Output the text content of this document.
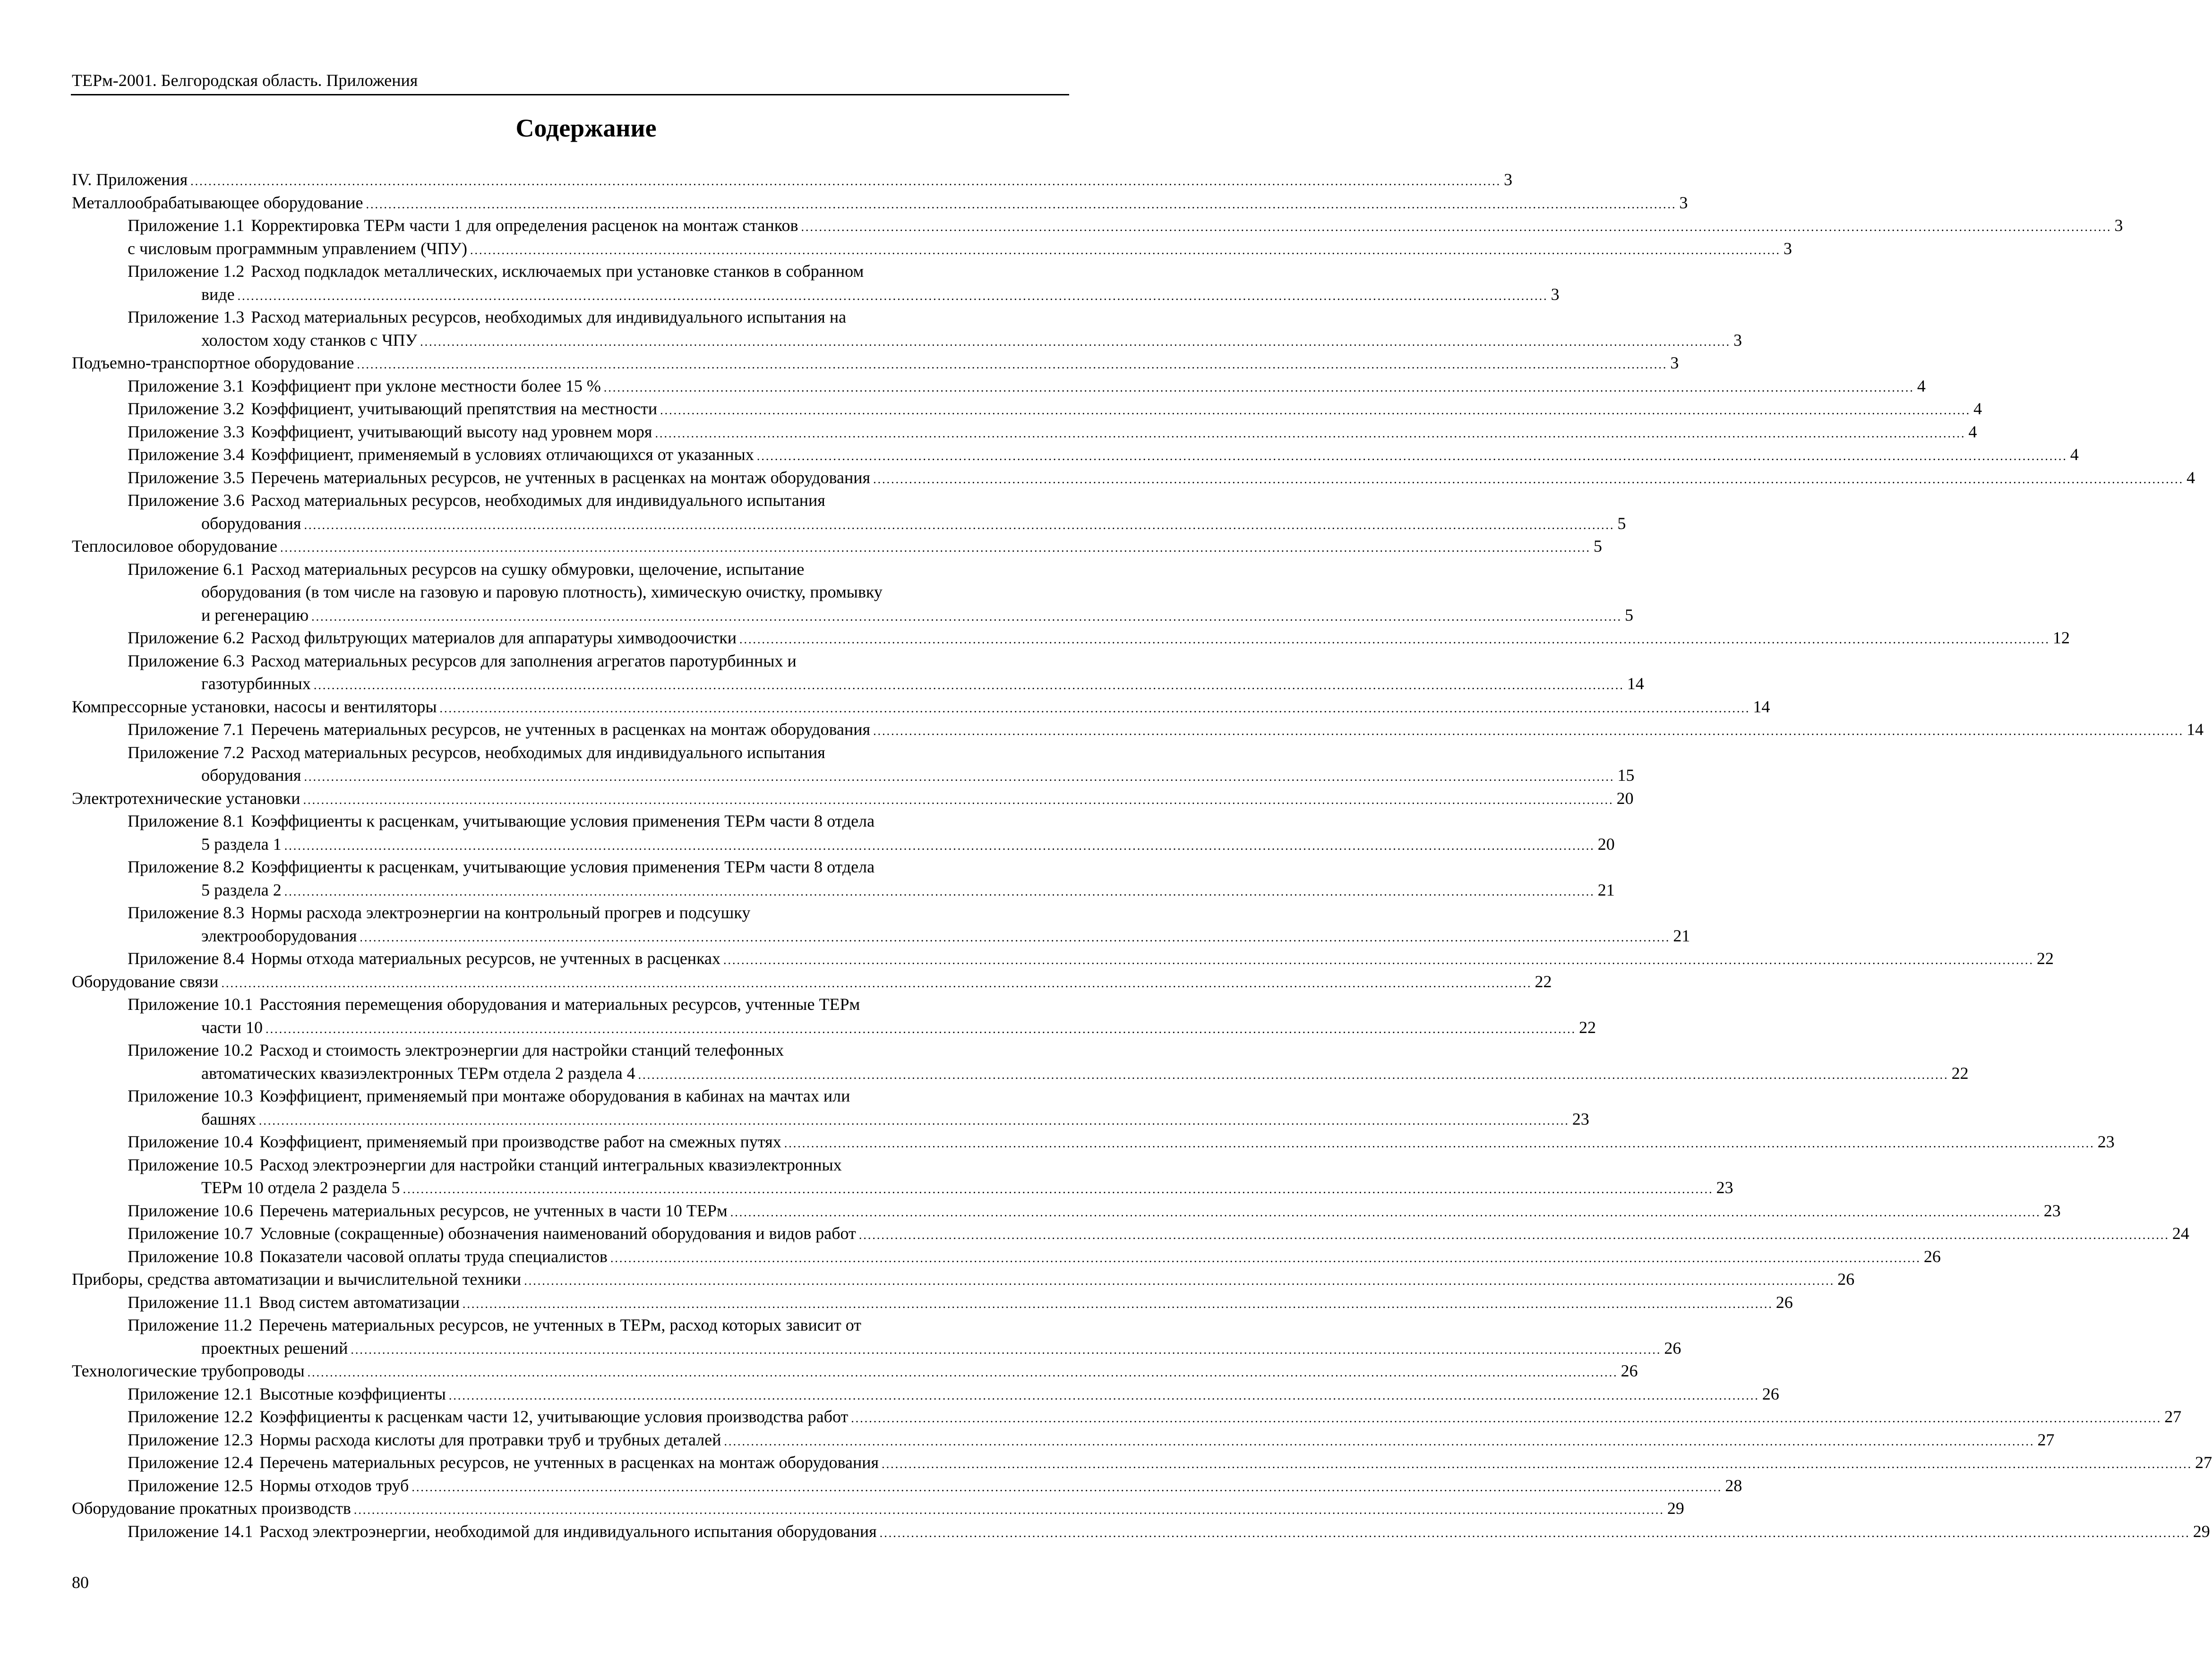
ТЕРм-2001. Белгородская область. Приложения
Содержание
IV. Приложения .................................................................................................................................................................................................................................................................................................... 3
Металлообрабатывающее оборудование .................................................................................................................................................................................................................................................................................................... 3
Приложение 1.1 Корректировка ТЕРм части 1 для определения расценок на монтаж станков .................................................................................................................................................................................................................................................................................................... 3
с числовым программным управлением (ЧПУ) .................................................................................................................................................................................................................................................................................................... 3
Приложение 1.2 Расход подкладок металлических, исключаемых при установке станков в собранном
виде .................................................................................................................................................................................................................................................................................................... 3
Приложение 1.3 Расход материальных ресурсов, необходимых для индивидуального испытания на
холостом ходу станков с ЧПУ .................................................................................................................................................................................................................................................................................................... 3
Подъемно-транспортное оборудование .................................................................................................................................................................................................................................................................................................... 3
Приложение 3.1 Коэффициент при уклоне местности более 15 % .................................................................................................................................................................................................................................................................................................... 4
Приложение 3.2 Коэффициент, учитывающий препятствия на местности .................................................................................................................................................................................................................................................................................................... 4
Приложение 3.3 Коэффициент, учитывающий высоту над уровнем моря .................................................................................................................................................................................................................................................................................................... 4
Приложение 3.4 Коэффициент, применяемый в условиях отличающихся от указанных .................................................................................................................................................................................................................................................................................................... 4
Приложение 3.5 Перечень материальных ресурсов, не учтенных в расценках на монтаж оборудования .................................................................................................................................................................................................................................................................................................... 4
Приложение 3.6 Расход материальных ресурсов, необходимых для индивидуального испытания
оборудования .................................................................................................................................................................................................................................................................................................... 5
Теплосиловое оборудование .................................................................................................................................................................................................................................................................................................... 5
Приложение 6.1 Расход материальных ресурсов на сушку обмуровки, щелочение, испытание
оборудования (в том числе на газовую и паровую плотность), химическую очистку, промывку
и регенерацию .................................................................................................................................................................................................................................................................................................... 5
Приложение 6.2 Расход фильтрующих материалов для аппаратуры химводоочистки .................................................................................................................................................................................................................................................................................................... 12
Приложение 6.3 Расход материальных ресурсов для заполнения агрегатов паротурбинных и
газотурбинных .................................................................................................................................................................................................................................................................................................... 14
Компрессорные установки, насосы и вентиляторы .................................................................................................................................................................................................................................................................................................... 14
Приложение 7.1 Перечень материальных ресурсов, не учтенных в расценках на монтаж оборудования .................................................................................................................................................................................................................................................................................................... 14
Приложение 7.2 Расход материальных ресурсов, необходимых для индивидуального испытания
оборудования .................................................................................................................................................................................................................................................................................................... 15
Электротехнические установки .................................................................................................................................................................................................................................................................................................... 20
Приложение 8.1 Коэффициенты к расценкам, учитывающие условия применения ТЕРм части 8 отдела
5 раздела 1 .................................................................................................................................................................................................................................................................................................... 20
Приложение 8.2 Коэффициенты к расценкам, учитывающие условия применения ТЕРм части 8 отдела
5 раздела 2 .................................................................................................................................................................................................................................................................................................... 21
Приложение 8.3 Нормы расхода электроэнергии на контрольный прогрев и подсушку
электрооборудования .................................................................................................................................................................................................................................................................................................... 21
Приложение 8.4 Нормы отхода материальных ресурсов, не учтенных в расценках .................................................................................................................................................................................................................................................................................................... 22
Оборудование связи .................................................................................................................................................................................................................................................................................................... 22
Приложение 10.1 Расстояния перемещения оборудования и материальных ресурсов, учтенные ТЕРм
части 10 .................................................................................................................................................................................................................................................................................................... 22
Приложение 10.2 Расход и стоимость электроэнергии для настройки станций телефонных
автоматических квазиэлектронных ТЕРм отдела 2 раздела 4 .................................................................................................................................................................................................................................................................................................... 22
Приложение 10.3 Коэффициент, применяемый при монтаже оборудования в кабинах на мачтах или
башнях .................................................................................................................................................................................................................................................................................................... 23
Приложение 10.4 Коэффициент, применяемый при производстве работ на смежных путях .................................................................................................................................................................................................................................................................................................... 23
Приложение 10.5 Расход электроэнергии для настройки станций интегральных квазиэлектронных
ТЕРм 10 отдела 2 раздела 5 .................................................................................................................................................................................................................................................................................................... 23
Приложение 10.6 Перечень материальных ресурсов, не учтенных в части 10 ТЕРм .................................................................................................................................................................................................................................................................................................... 23
Приложение 10.7 Условные (сокращенные) обозначения наименований оборудования и видов работ .................................................................................................................................................................................................................................................................................................... 24
Приложение 10.8 Показатели часовой оплаты труда специалистов .................................................................................................................................................................................................................................................................................................... 26
Приборы, средства автоматизации и вычислительной техники .................................................................................................................................................................................................................................................................................................... 26
Приложение 11.1 Ввод систем автоматизации .................................................................................................................................................................................................................................................................................................... 26
Приложение 11.2 Перечень материальных ресурсов, не учтенных в ТЕРм, расход которых зависит от
проектных решений .................................................................................................................................................................................................................................................................................................... 26
Технологические трубопроводы .................................................................................................................................................................................................................................................................................................... 26
Приложение 12.1 Высотные коэффициенты .................................................................................................................................................................................................................................................................................................... 26
Приложение 12.2 Коэффициенты к расценкам части 12, учитывающие условия производства работ .................................................................................................................................................................................................................................................................................................... 27
Приложение 12.3 Нормы расхода кислоты для протравки труб и трубных деталей .................................................................................................................................................................................................................................................................................................... 27
Приложение 12.4 Перечень материальных ресурсов, не учтенных в расценках на монтаж оборудования .................................................................................................................................................................................................................................................................................................... 27
Приложение 12.5 Нормы отходов труб .................................................................................................................................................................................................................................................................................................... 28
Оборудование прокатных производств .................................................................................................................................................................................................................................................................................................... 29
Приложение 14.1 Расход электроэнергии, необходимой для индивидуального испытания оборудования .................................................................................................................................................................................................................................................................................................... 29
80
